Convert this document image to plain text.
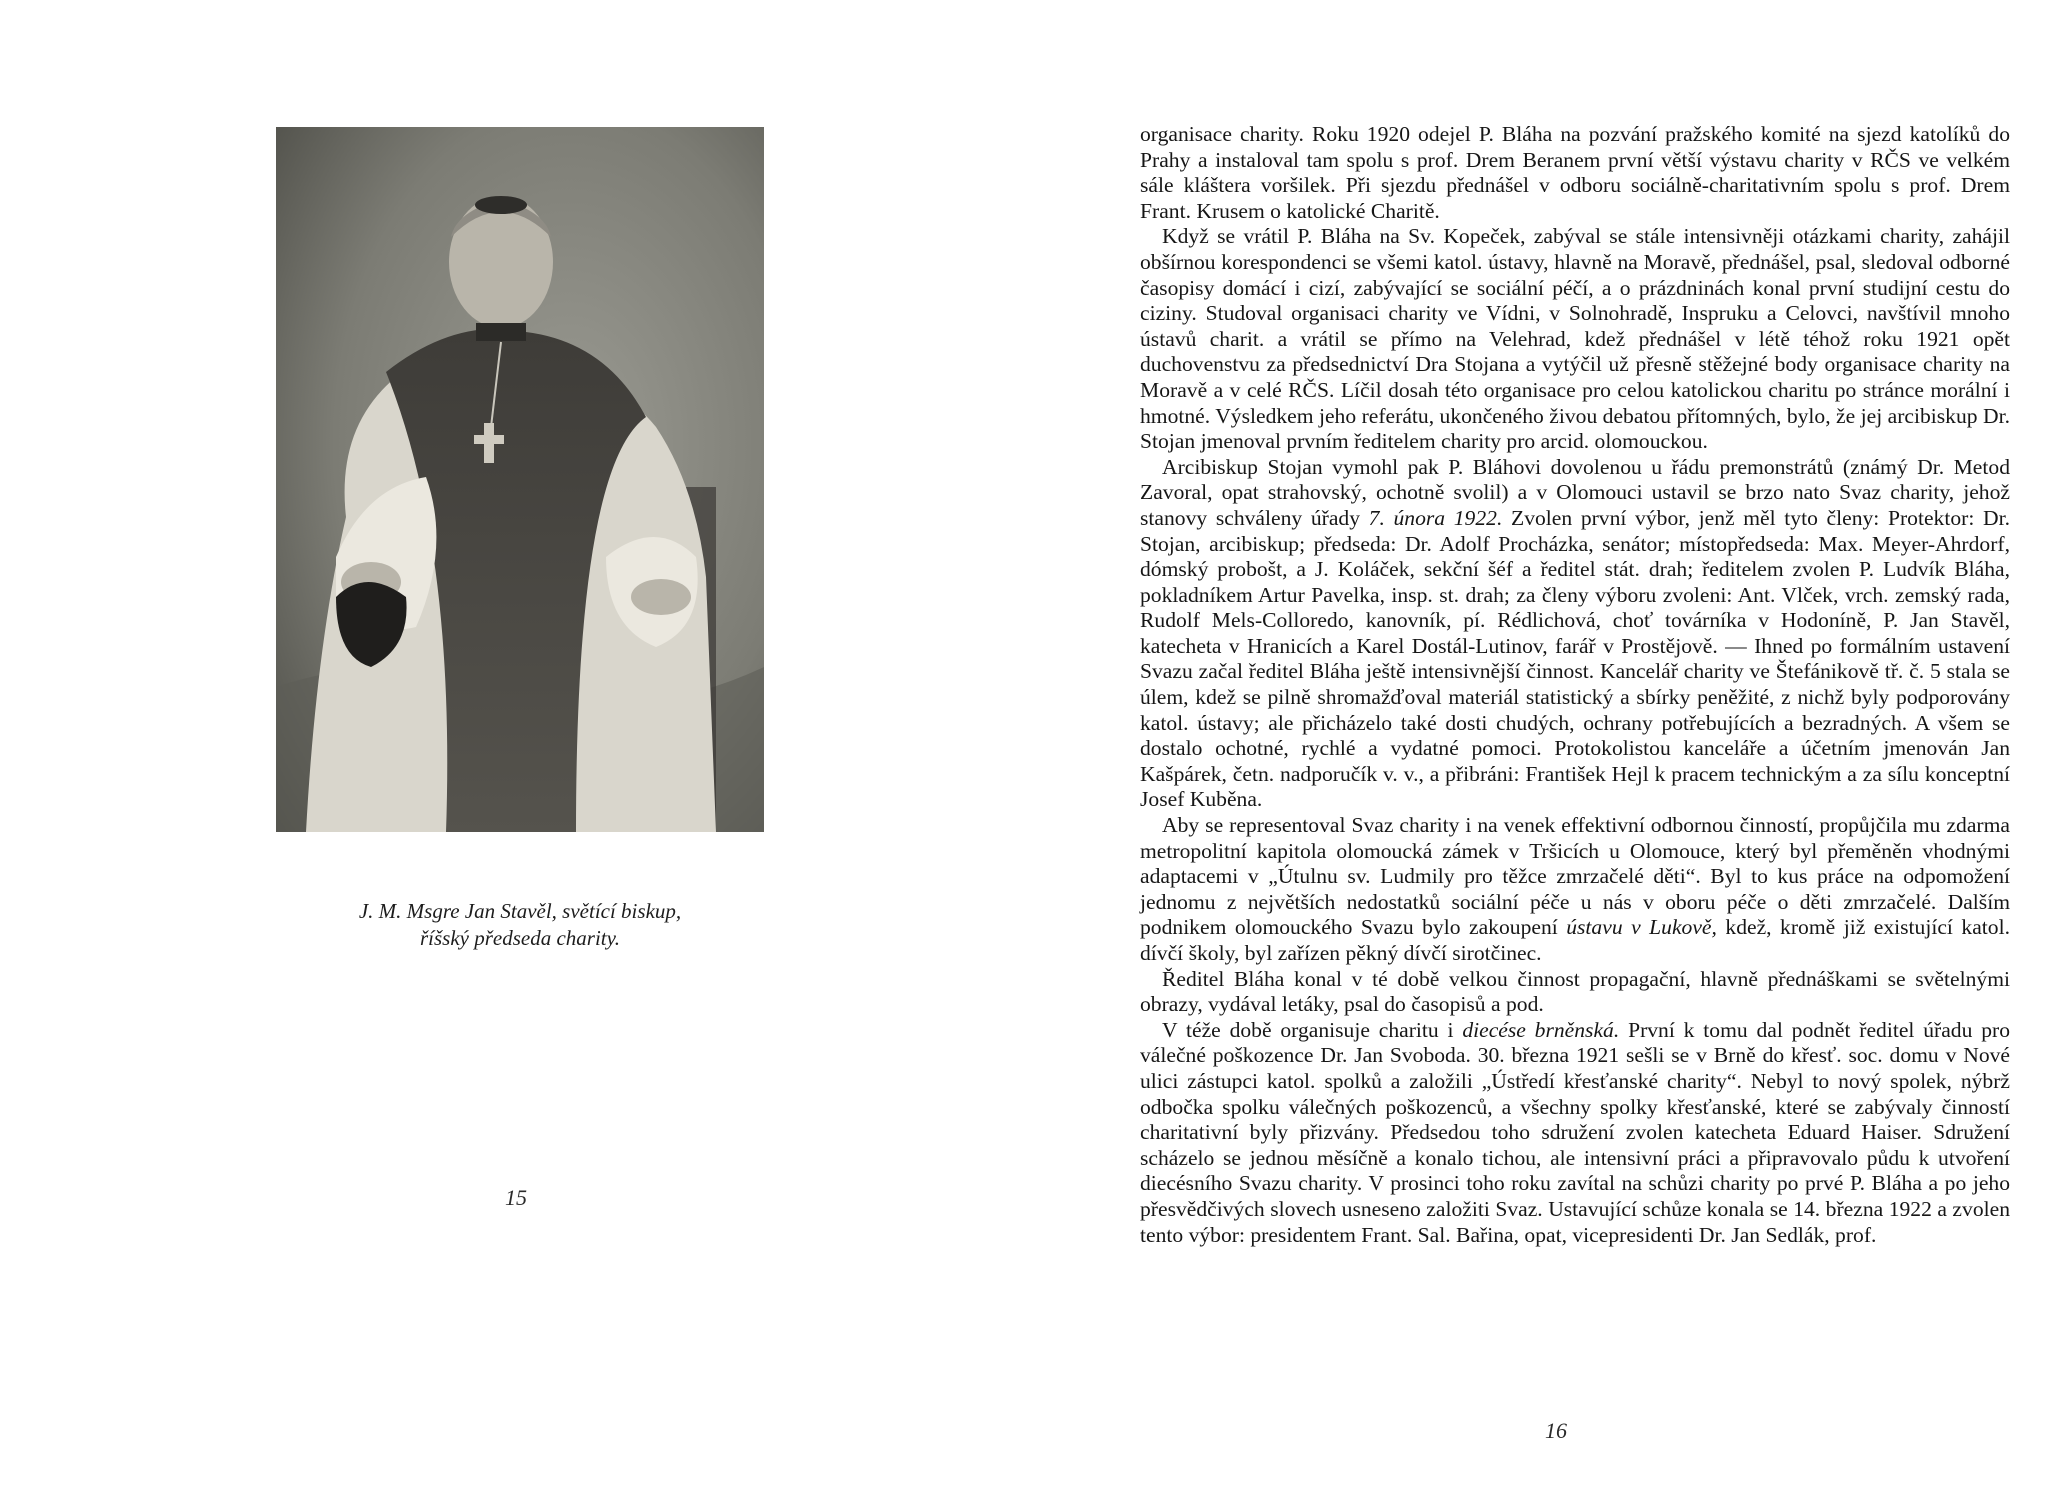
J. M. Msgre Jan Stavěl, světící biskup,
říšský předseda charity.
15

organisace charity. Roku 1920 odejel P. Bláha na pozvání pražského komité na sjezd katolíků do Prahy a instaloval tam spolu s prof. Drem Beranem první větší výstavu charity v RČS ve velkém sále kláštera voršilek. Při sjezdu přednášel v odboru sociálně-charitativním spolu s prof. Drem Frant. Krusem o katolické Charitě.

Když se vrátil P. Bláha na Sv. Kopeček, zabýval se stále intensivněji otázkami charity, zahájil obšírnou korespondenci se všemi katol. ústavy, hlavně na Moravě, přednášel, psal, sledoval odborné časopisy domácí i cizí, zabývající se sociální péčí, a o prázdninách konal první studijní cestu do ciziny. Studoval organisaci charity ve Vídni, v Solnohradě, Inspruku a Celovci, navštívil mnoho ústavů charit. a vrátil se přímo na Velehrad, kdež přednášel v létě téhož roku 1921 opět duchovenstvu za předsednictví Dra Stojana a vytýčil už přesně stěžejné body organisace charity na Moravě a v celé RČS. Líčil dosah této organisace pro celou katolickou charitu po stránce morální i hmotné. Výsledkem jeho referátu, ukončeného živou debatou přítomných, bylo, že jej arcibiskup Dr. Stojan jmenoval prvním ředitelem charity pro arcid. olomouckou.

Arcibiskup Stojan vymohl pak P. Bláhovi dovolenou u řádu premonstrátů (známý Dr. Metod Zavoral, opat strahovský, ochotně svolil) a v Olomouci ustavil se brzo nato Svaz charity, jehož stanovy schváleny úřady 7. února 1922. Zvolen první výbor, jenž měl tyto členy: Protektor: Dr. Stojan, arcibiskup; předseda: Dr. Adolf Procházka, senátor; místopředseda: Max. Meyer-Ahrdorf, dómský probošt, a J. Koláček, sekční šéf a ředitel stát. drah; ředitelem zvolen P. Ludvík Bláha, pokladníkem Artur Pavelka, insp. st. drah; za členy výboru zvoleni: Ant. Vlček, vrch. zemský rada, Rudolf Mels-Colloredo, kanovník, pí. Rédlichová, choť továrníka v Hodoníně, P. Jan Stavěl, katecheta v Hranicích a Karel Dostál-Lutinov, farář v Prostějově. — Ihned po formálním ustavení Svazu začal ředitel Bláha ještě intensivnější činnost. Kancelář charity ve Štefánikově tř. č. 5 stala se úlem, kdež se pilně shromažďoval materiál statistický a sbírky peněžité, z nichž byly podporovány katol. ústavy; ale přicházelo také dosti chudých, ochrany potřebujících a bezradných. A všem se dostalo ochotné, rychlé a vydatné pomoci. Protokolistou kanceláře a účetním jmenován Jan Kašpárek, četn. nadporučík v. v., a přibráni: František Hejl k pracem technickým a za sílu konceptní Josef Kuběna.

Aby se representoval Svaz charity i na venek effektivní odbornou činností, propůjčila mu zdarma metropolitní kapitola olomoucká zámek v Tršicích u Olomouce, který byl přeměněn vhodnými adaptacemi v „Útulnu sv. Ludmily pro těžce zmrzačelé děti“. Byl to kus práce na odpomožení jednomu z největších nedostatků sociální péče u nás v oboru péče o děti zmrzačelé. Dalším podnikem olomouckého Svazu bylo zakoupení ústavu v Lukově, kdež, kromě již existující katol. dívčí školy, byl zařízen pěkný dívčí sirotčinec.

Ředitel Bláha konal v té době velkou činnost propagační, hlavně přednáškami se světelnými obrazy, vydával letáky, psal do časopisů a pod.

V téže době organisuje charitu i diecése brněnská. První k tomu dal podnět ředitel úřadu pro válečné poškozence Dr. Jan Svoboda. 30. března 1921 sešli se v Brně do křesť. soc. domu v Nové ulici zástupci katol. spolků a založili „Ústředí křesťanské charity“. Nebyl to nový spolek, nýbrž odbočka spolku válečných poškozenců, a všechny spolky křesťanské, které se zabývaly činností charitativní byly přizvány. Předsedou toho sdružení zvolen katecheta Eduard Haiser. Sdružení scházelo se jednou měsíčně a konalo tichou, ale intensivní práci a připravovalo půdu k utvoření diecésního Svazu charity. V prosinci toho roku zavítal na schůzi charity po prvé P. Bláha a po jeho přesvědčivých slovech usneseno založiti Svaz. Ustavující schůze konala se 14. března 1922 a zvolen tento výbor: presidentem Frant. Sal. Bařina, opat, vicepresidenti Dr. Jan Sedlák, prof.

16
